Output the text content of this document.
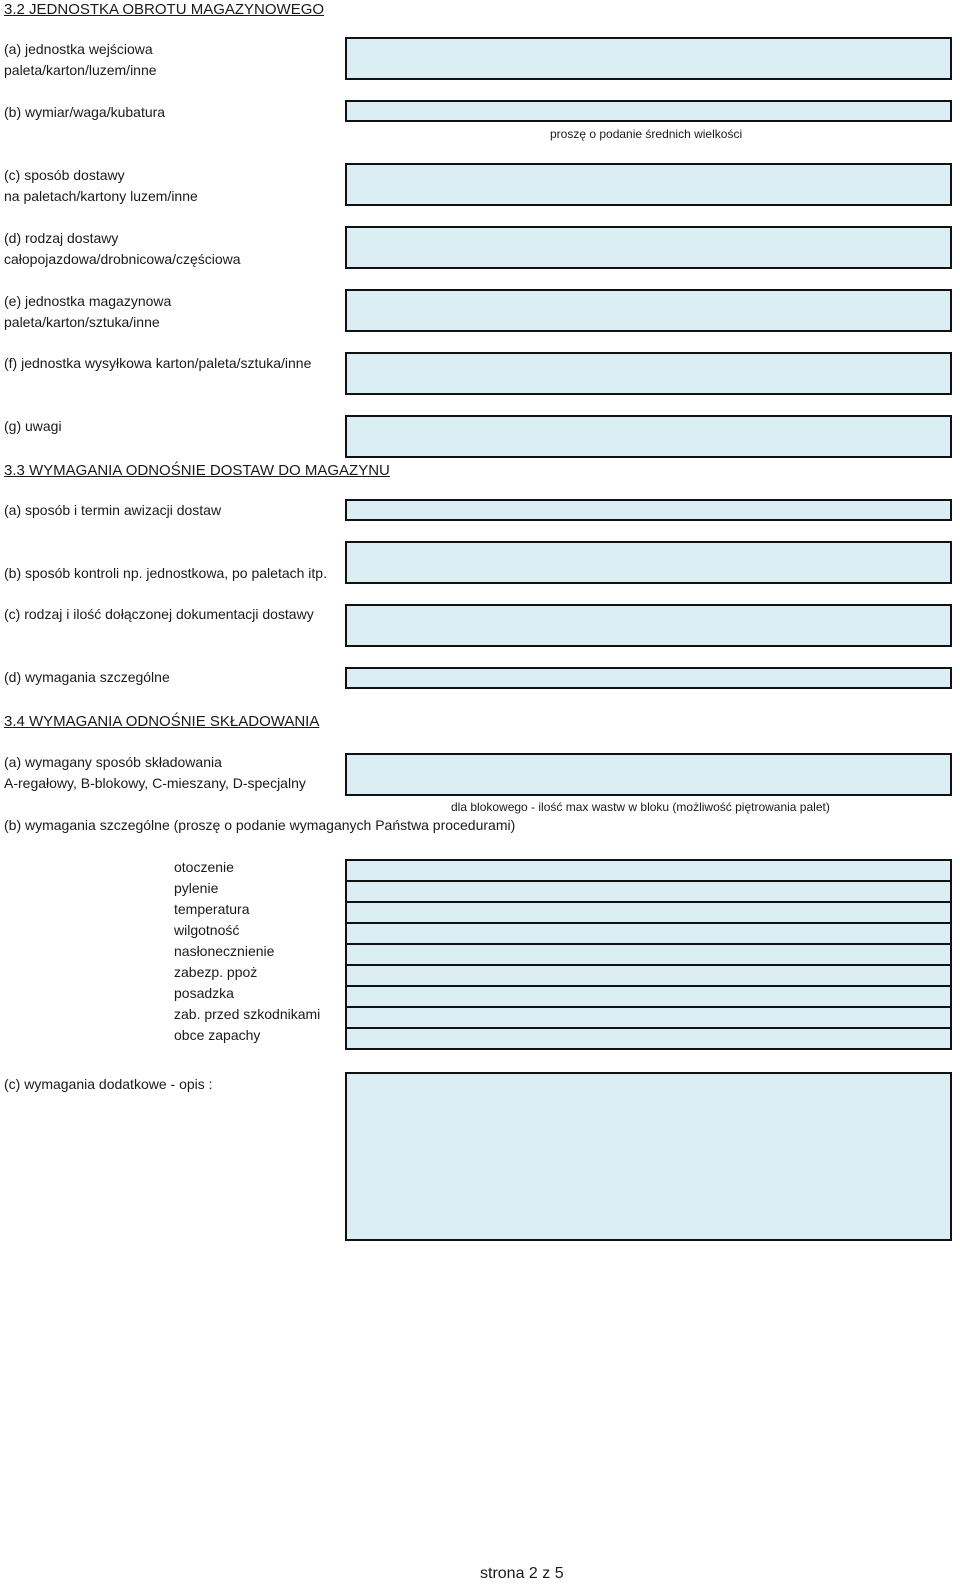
3.2 JEDNOSTKA OBROTU MAGAZYNOWEGO
(a) jednostka wejściowa
paleta/karton/luzem/inne
(b) wymiar/waga/kubatura
proszę o podanie średnich wielkości
(c) sposób dostawy
na paletach/kartony luzem/inne
(d) rodzaj dostawy
całopojazdowa/drobnicowa/częściowa
(e) jednostka magazynowa
paleta/karton/sztuka/inne
(f) jednostka wysyłkowa karton/paleta/sztuka/inne
(g) uwagi
3.3 WYMAGANIA ODNOŚNIE DOSTAW DO MAGAZYNU
(a) sposób i termin awizacji dostaw
(b) sposób kontroli np. jednostkowa, po paletach itp.
(c) rodzaj i ilość dołączonej dokumentacji dostawy
(d) wymagania szczególne
3.4 WYMAGANIA ODNOŚNIE SKŁADOWANIA
(a) wymagany sposób składowania
A-regałowy, B-blokowy, C-mieszany, D-specjalny
dla blokowego - ilość max wastw w bloku (możliwość piętrowania palet)
(b) wymagania szczególne (proszę o podanie wymaganych Państwa procedurami)
otoczenie
pylenie
temperatura
wilgotność
nasłonecznienie
zabezp. ppoż
posadzka
zab. przed szkodnikami
obce zapachy
(c) wymagania dodatkowe - opis :
strona 2 z 5
